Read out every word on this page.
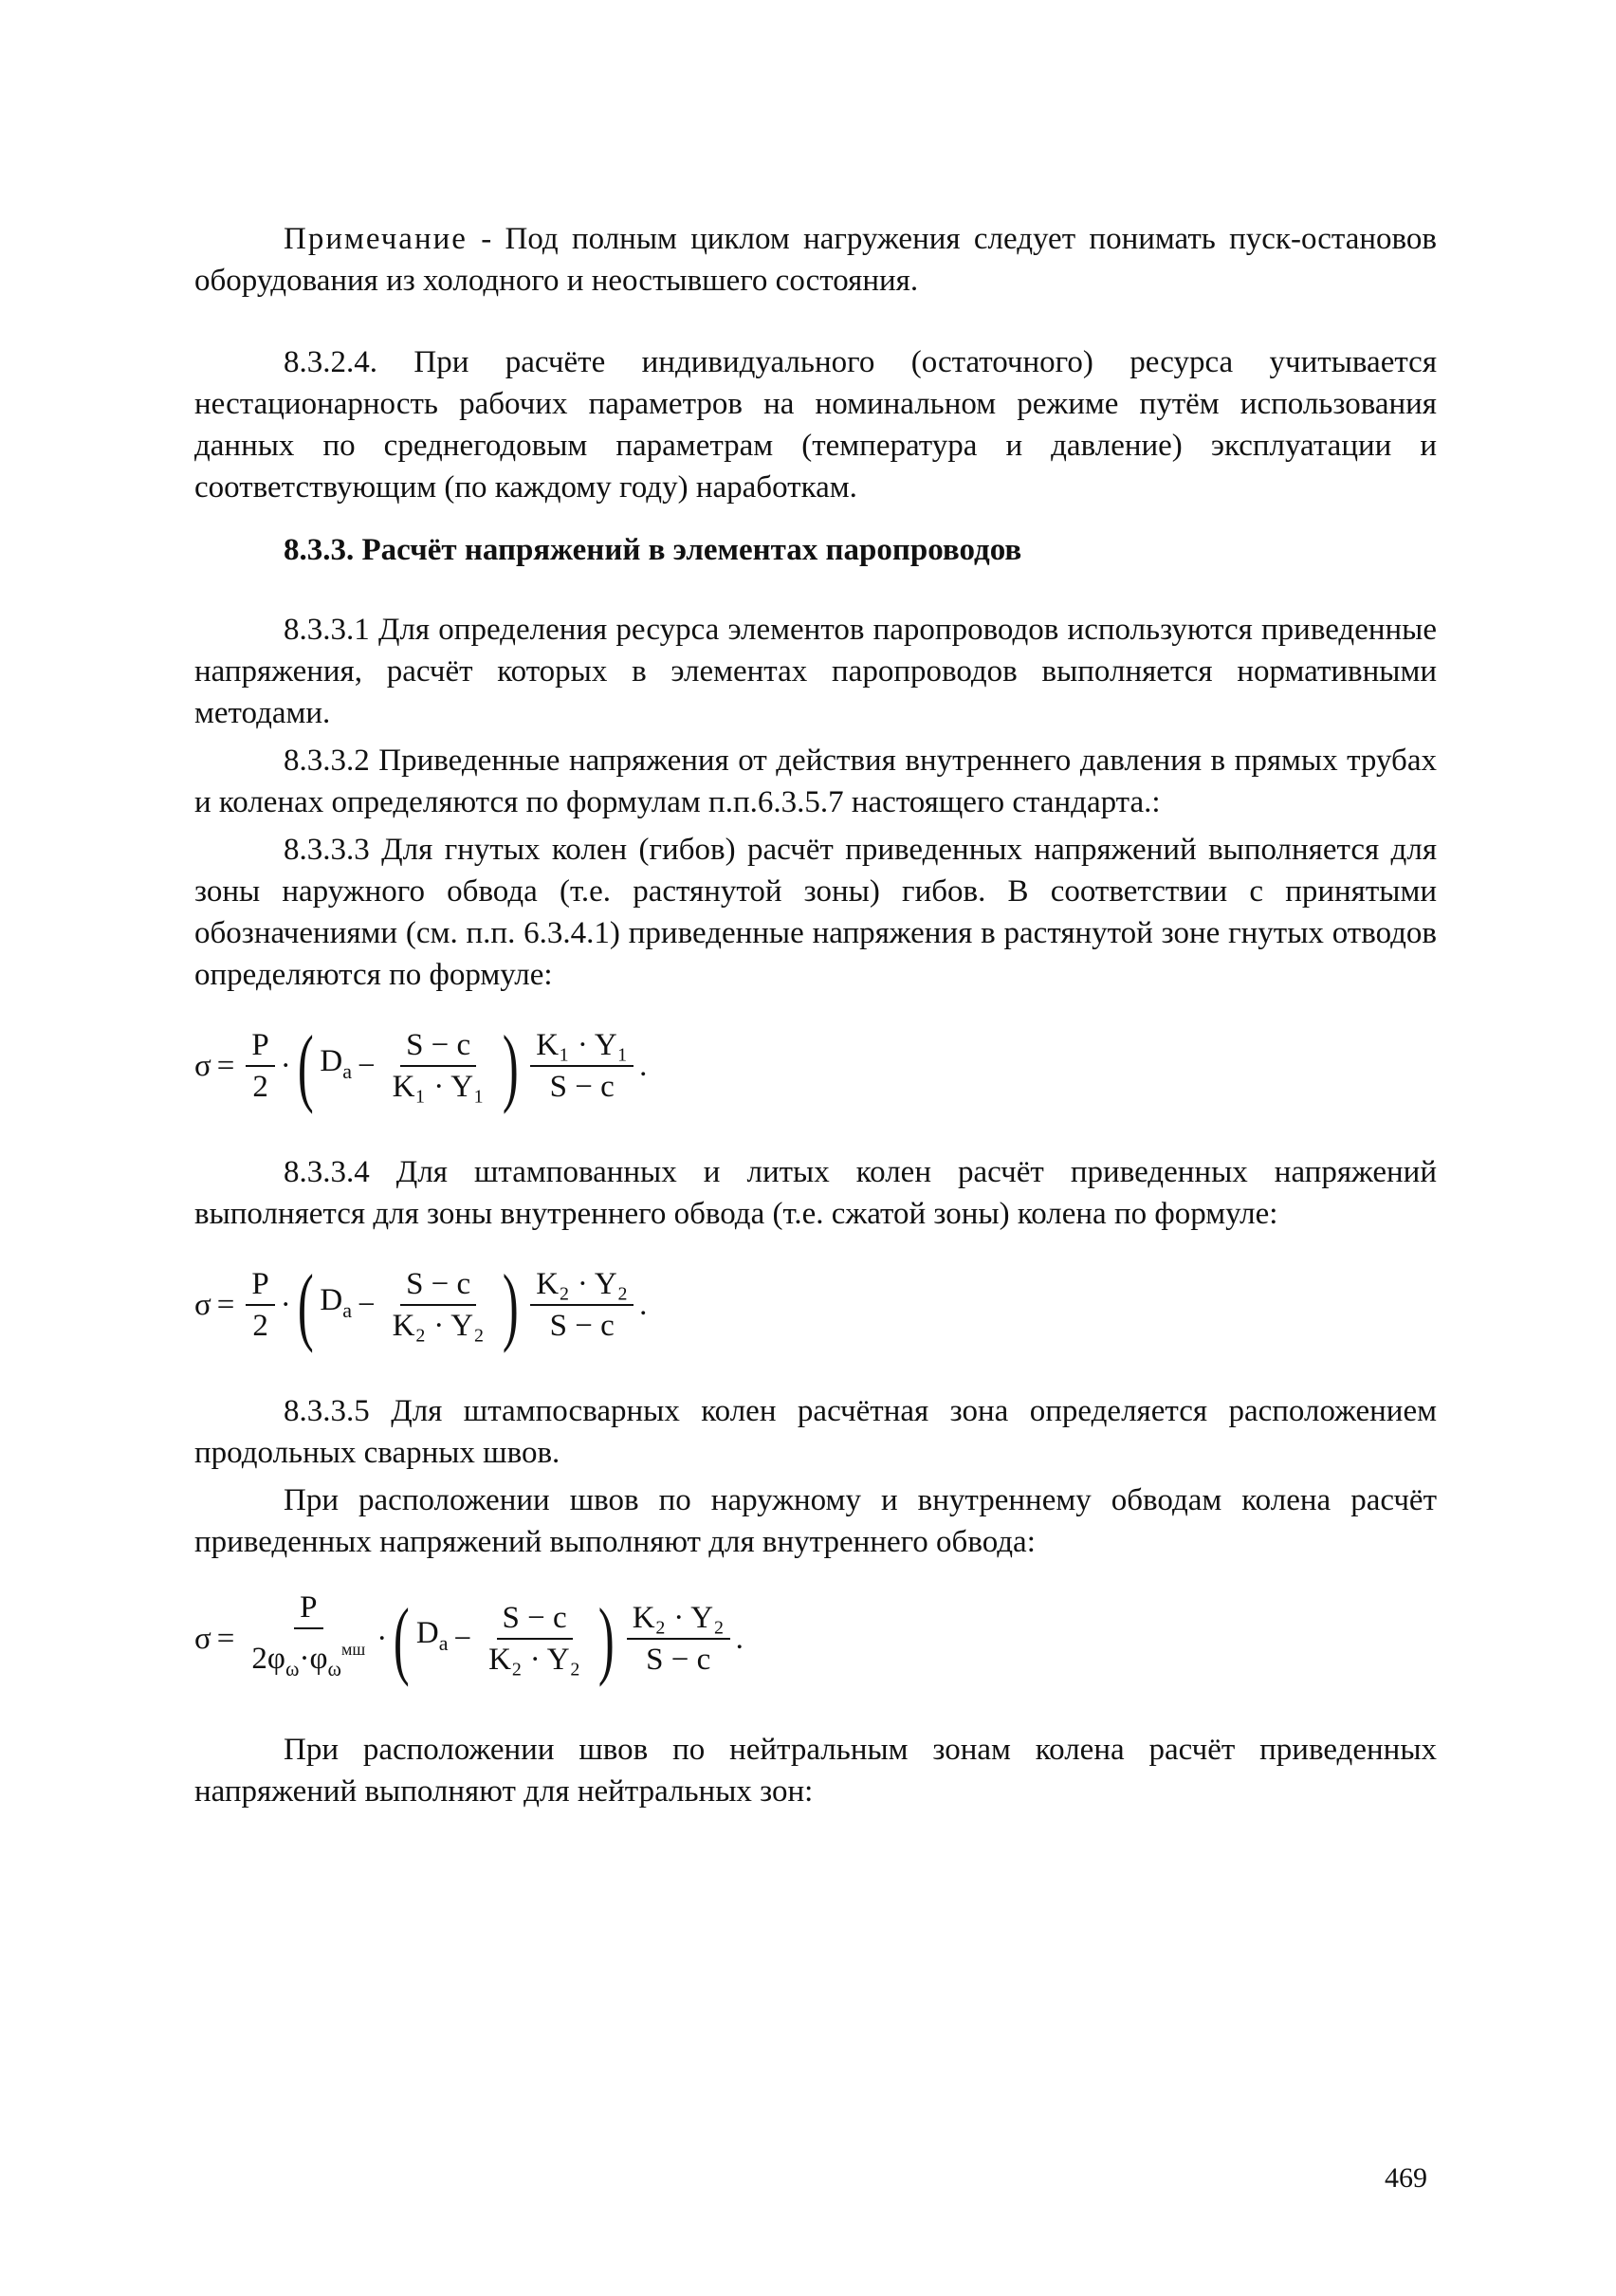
Примечание - Под полным циклом нагружения следует понимать пуск-остановов оборудования из холодного и неостывшего состояния.

8.3.2.4. При расчёте индивидуального (остаточного) ресурса учитывается нестационарность рабочих параметров на номинальном режиме путём использования данных по среднегодовым параметрам (температура и давление) эксплуатации и соответствующим (по каждому году) наработкам.

8.3.3. Расчёт напряжений в элементах паропроводов

8.3.3.1 Для определения ресурса элементов паропроводов используются приведенные напряжения, расчёт которых в элементах паропроводов выполняется нормативными методами.

8.3.3.2 Приведенные напряжения от действия внутреннего давления в прямых трубах и коленах определяются по формулам п.п.6.3.5.7 настоящего стандарта.:

8.3.3.3 Для гнутых колен (гибов) расчёт приведенных напряжений выполняется для зоны наружного обвода (т.е. растянутой зоны) гибов. В соответствии с принятыми обозначениями (см. п.п. 6.3.4.1) приведенные напряжения в растянутой зоне гнутых отводов определяются по формуле:

$\sigma = \frac{P}{2}$ · ( $D_a - \frac{S - c}{\text{K₁ · Y₁}}$ ) $\frac{\text{K₁ · Y₁}}{S - c}$ .

8.3.3.4 Для штампованных и литых колен расчёт приведенных напряжений выполняется для зоны внутреннего обвода (т.е. сжатой зоны) колена по формуле:

$\sigma = \frac{P}{2}$ · ( $D_a - \frac{S - c}{\text{K₂ · Y₂}}$ ) $\frac{\text{K₂ · Y₂}}{S - c}$ .

8.3.3.5 Для штампосварных колен расчётная зона определяется расположением продольных сварных швов.

При расположении швов по наружному и внутреннему обводам колена расчёт приведенных напряжений выполняют для внутреннего обвода:

$\sigma = \frac{P}{2\varphi_\omega\cdot\varphi_\omega^{мш}}$ · ( $D_a - \frac{S - c}{\text{K₂ · Y₂}}$ ) $\frac{\text{K₂ · Y₂}}{S - c}$ .

При расположении швов по нейтральным зонам колена расчёт приведенных напряжений выполняют для нейтральных зон:

469
